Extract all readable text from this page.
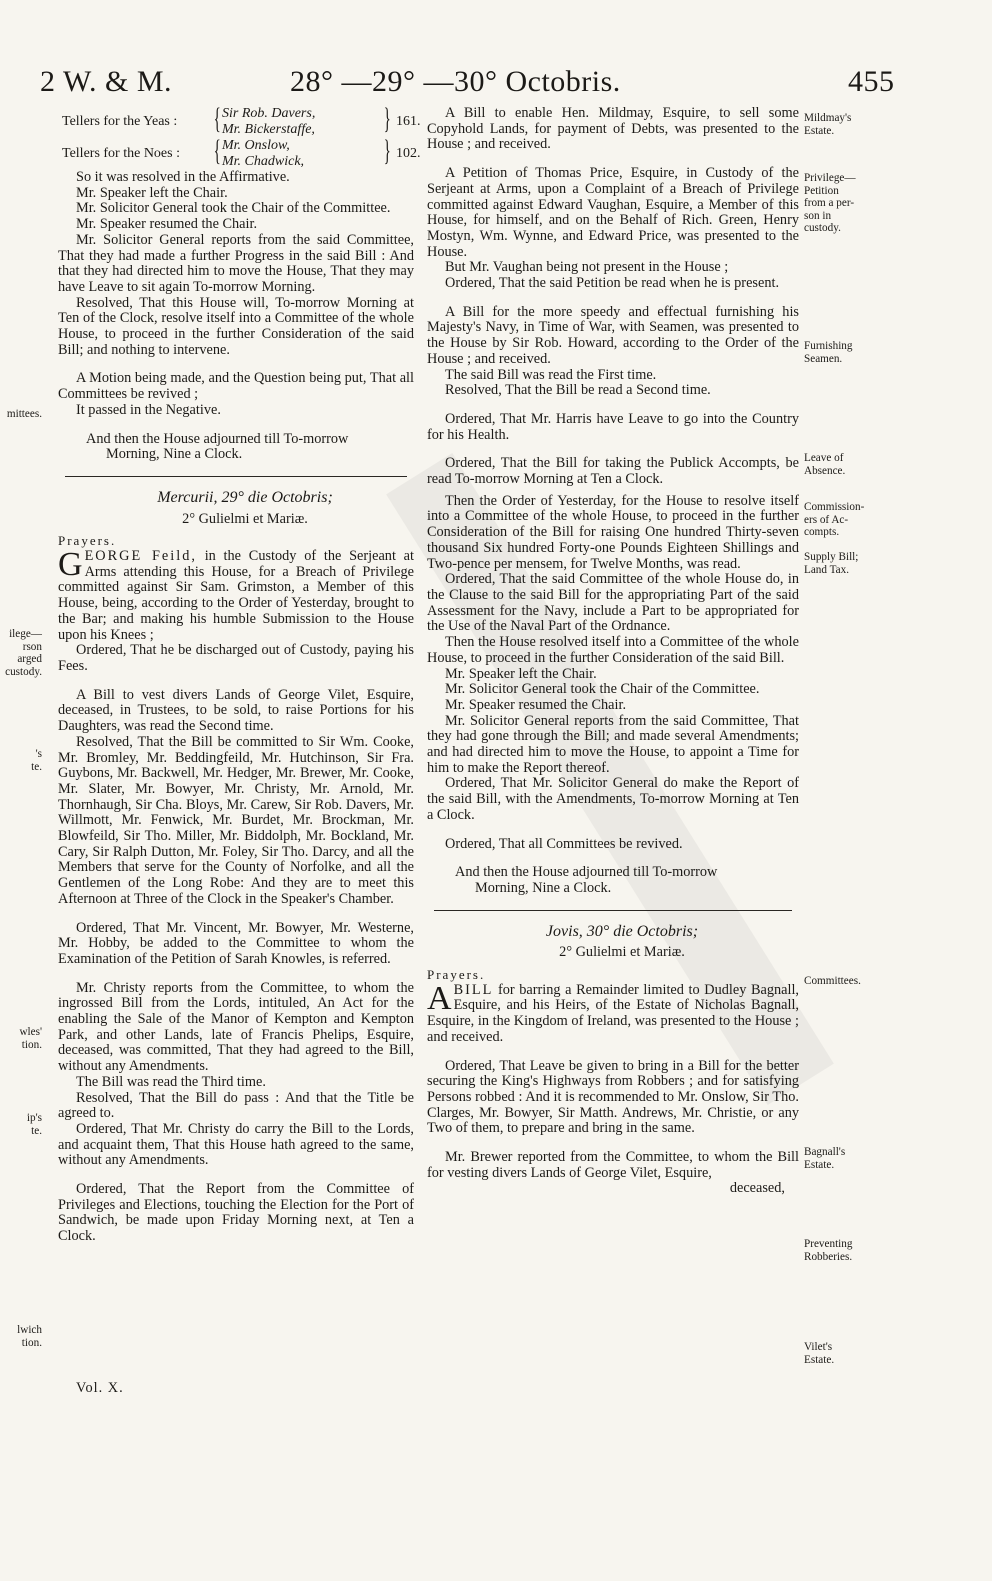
2 W. & M.	28° —29° —30° Octobris.	455
Tellers for the Yeas : { Sir Rob. Davers,
Mr. Bickerstaffe, } 161.
Tellers for the Noes : { Mr. Onslow,
Mr. Chadwick,	} 102.

So it was resolved in the Affirmative.

Mr. Speaker left the Chair.

Mr. Solicitor General took the Chair of the Committee.

Mr. Speaker resumed the Chair.

Mr. Solicitor General reports from the said Committee, That they had made a further Progress in the said Bill : And that they had directed him to move the House, That they may have Leave to sit again To-morrow Morning.

Resolved, That this House will, To-morrow Morning at Ten of the Clock, resolve itself into a Committee of the whole House, to proceed in the further Consideration of the said Bill; and nothing to intervene.

A Motion being made, and the Question being put, That all Committees be revived ;

It passed in the Negative.

And then the House adjourned till To-morrow
Morning, Nine a Clock.

Mercurii, 29° die Octobris;

2° Gulielmi et Mariæ.

Prayers.

GEORGE Feild, in the Custody of the Serjeant at Arms attending this House, for a Breach of Privilege committed against Sir Sam. Grimston, a Member of this House, being, according to the Order of Yesterday, brought to the Bar; and making his humble Submission to the House upon his Knees ;

Ordered, That he be discharged out of Custody, paying his Fees.

A Bill to vest divers Lands of George Vilet, Esquire, deceased, in Trustees, to be sold, to raise Portions for his Daughters, was read the Second time.

Resolved, That the Bill be committed to Sir Wm. Cooke, Mr. Bromley, Mr. Beddingfeild, Mr. Hutchinson, Sir Fra. Guybons, Mr. Backwell, Mr. Hedger, Mr. Brewer, Mr. Cooke, Mr. Slater, Mr. Bowyer, Mr. Christy, Mr. Arnold, Mr. Thornhaugh, Sir Cha. Bloys, Mr. Carew, Sir Rob. Davers, Mr. Willmott, Mr. Fenwick, Mr. Burdet, Mr. Brockman, Mr. Blowfeild, Sir Tho. Miller, Mr. Biddolph, Mr. Bockland, Mr. Cary, Sir Ralph Dutton, Mr. Foley, Sir Tho. Darcy, and all the Members that serve for the County of Norfolke, and all the Gentlemen of the Long Robe: And they are to meet this Afternoon at Three of the Clock in the Speaker's Chamber.

Ordered, That Mr. Vincent, Mr. Bowyer, Mr. Westerne, Mr. Hobby, be added to the Committee to whom the Examination of the Petition of Sarah Knowles, is referred.

Mr. Christy reports from the Committee, to whom the ingrossed Bill from the Lords, intituled, An Act for the enabling the Sale of the Manor of Kempton and Kempton Park, and other Lands, late of Francis Phelips, Esquire, deceased, was committed, That they had agreed to the Bill, without any Amendments.

The Bill was read the Third time.

Resolved, That the Bill do pass : And that the Title be agreed to.

Ordered, That Mr. Christy do carry the Bill to the Lords, and acquaint them, That this House hath agreed to the same, without any Amendments.

Ordered, That the Report from the Committee of Privileges and Elections, touching the Election for the Port of Sandwich, be made upon Friday Morning next, at Ten a Clock.

Vol. X.

A Bill to enable Hen. Mildmay, Esquire, to sell some Copyhold Lands, for payment of Debts, was presented to the House ; and received.

A Petition of Thomas Price, Esquire, in Custody of the Serjeant at Arms, upon a Complaint of a Breach of Privilege committed against Edward Vaughan, Esquire, a Member of this House, for himself, and on the Behalf of Rich. Green, Henry Mostyn, Wm. Wynne, and Edward Price, was presented to the House.

But Mr. Vaughan being not present in the House ;

Ordered, That the said Petition be read when he is present.

A Bill for the more speedy and effectual furnishing his Majesty's Navy, in Time of War, with Seamen, was presented to the House by Sir Rob. Howard, according to the Order of the House ; and received.

The said Bill was read the First time.

Resolved, That the Bill be read a Second time.

Ordered, That Mr. Harris have Leave to go into the Country for his Health.

Ordered, That the Bill for taking the Publick Accompts, be read To-morrow Morning at Ten a Clock.

Then the Order of Yesterday, for the House to resolve itself into a Committee of the whole House, to proceed in the further Consideration of the Bill for raising One hundred Thirty-seven thousand Six hundred Forty-one Pounds Eighteen Shillings and Two-pence per mensem, for Twelve Months, was read.

Ordered, That the said Committee of the whole House do, in the Clause to the said Bill for the appropriating Part of the said Assessment for the Navy, include a Part to be appropriated for the Use of the Naval Part of the Ordnance.

Then the House resolved itself into a Committee of the whole House, to proceed in the further Consideration of the said Bill.

Mr. Speaker left the Chair.

Mr. Solicitor General took the Chair of the Committee.

Mr. Speaker resumed the Chair.

Mr. Solicitor General reports from the said Committee, That they had gone through the Bill; and made several Amendments; and had directed him to move the House, to appoint a Time for him to make the Report thereof.

Ordered, That Mr. Solicitor General do make the Report of the said Bill, with the Amendments, To-morrow Morning at Ten a Clock.

Ordered, That all Committees be revived.

And then the House adjourned till To-morrow
Morning, Nine a Clock.

Jovis, 30° die Octobris;

2° Gulielmi et Mariæ.

Prayers.

A BILL for barring a Remainder limited to Dudley Bagnall, Esquire, and his Heirs, of the Estate of Nicholas Bagnall, Esquire, in the Kingdom of Ireland, was presented to the House ; and received.

Ordered, That Leave be given to bring in a Bill for the better securing the King's Highways from Robbers ; and for satisfying Persons robbed : And it is recommended to Mr. Onslow, Sir Tho. Clarges, Mr. Bowyer, Sir Matth. Andrews, Mr. Christie, or any Two of them, to prepare and bring in the same.

Mr. Brewer reported from the Committee, to whom the Bill for vesting divers Lands of George Vilet, Esquire,

deceased,

Mildmay's
Estate.
Privilege—
Petition
from a per-
son in
custody.
Furnishing
Seamen.
Leave of
Absence.
Commission-
ers of Ac-
compts.
Supply Bill;
Land Tax.
Committees.
Bagnall's
Estate.
Preventing
Robberies.
Vilet's
Estate.
mittees.
ilege—
rson
arged
custody.
's
te.
wles'
tion.
ip's
te.
lwich
tion.
